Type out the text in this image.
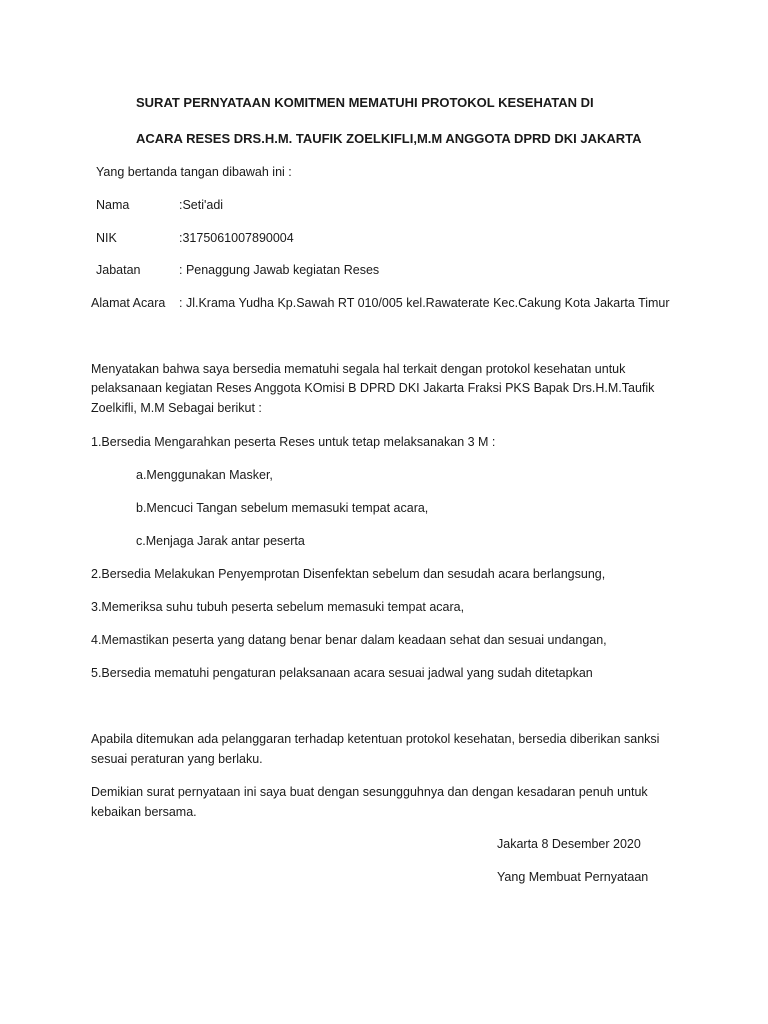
SURAT PERNYATAAN KOMITMEN MEMATUHI PROTOKOL KESEHATAN DI
ACARA RESES DRS.H.M. TAUFIK ZOELKIFLI,M.M ANGGOTA DPRD DKI JAKARTA
Yang bertanda tangan dibawah ini :
Nama	:Seti'adi
NIK	:3175061007890004
Jabatan	: Penaggung Jawab kegiatan Reses
Alamat Acara : Jl.Krama Yudha Kp.Sawah RT 010/005 kel.Rawaterate Kec.Cakung Kota Jakarta Timur
Menyatakan bahwa saya bersedia mematuhi segala hal terkait dengan protokol kesehatan untuk
pelaksanaan kegiatan Reses Anggota KOmisi B DPRD DKI Jakarta Fraksi PKS Bapak Drs.H.M.Taufik
Zoelkifli, M.M Sebagai berikut :
1.Bersedia Mengarahkan peserta Reses untuk tetap melaksanakan 3 M :
a.Menggunakan Masker,
b.Mencuci Tangan sebelum memasuki tempat acara,
c.Menjaga Jarak antar peserta
2.Bersedia Melakukan Penyemprotan Disenfektan sebelum dan sesudah acara berlangsung,
3.Memeriksa suhu tubuh peserta sebelum memasuki tempat acara,
4.Memastikan peserta yang datang benar benar dalam keadaan sehat dan sesuai undangan,
5.Bersedia mematuhi pengaturan pelaksanaan acara sesuai jadwal yang sudah ditetapkan
Apabila ditemukan ada pelanggaran terhadap ketentuan protokol kesehatan, bersedia diberikan sanksi
sesuai peraturan yang berlaku.
Demikian surat pernyataan ini saya buat dengan sesungguhnya dan dengan kesadaran penuh untuk
kebaikan bersama.
Jakarta 8 Desember 2020
Yang Membuat Pernyataan
